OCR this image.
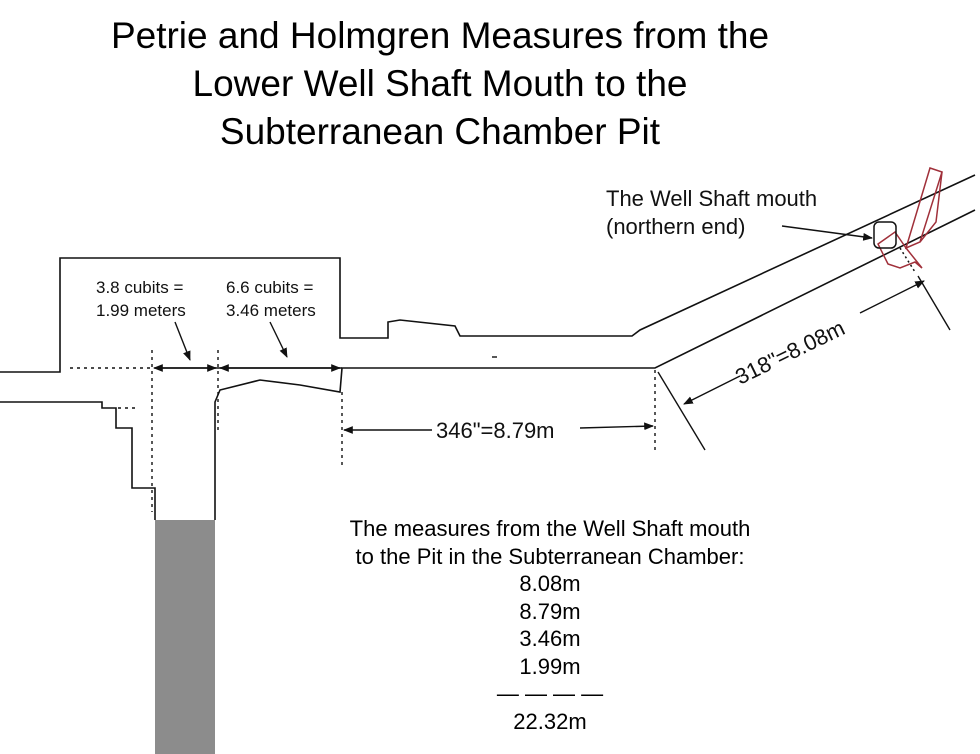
Petrie and Holmgren Measures from the
Lower Well Shaft Mouth to the
Subterranean Chamber Pit
The Well Shaft mouth
(northern end)
3.8 cubits =
1.99 meters
6.6 cubits =
3.46 meters
346"=8.79m
318"=8.08m
The measures from the Well Shaft mouth
to the Pit in the Subterranean Chamber:
8.08m
8.79m
3.46m
1.99m
— — — —
22.32m
